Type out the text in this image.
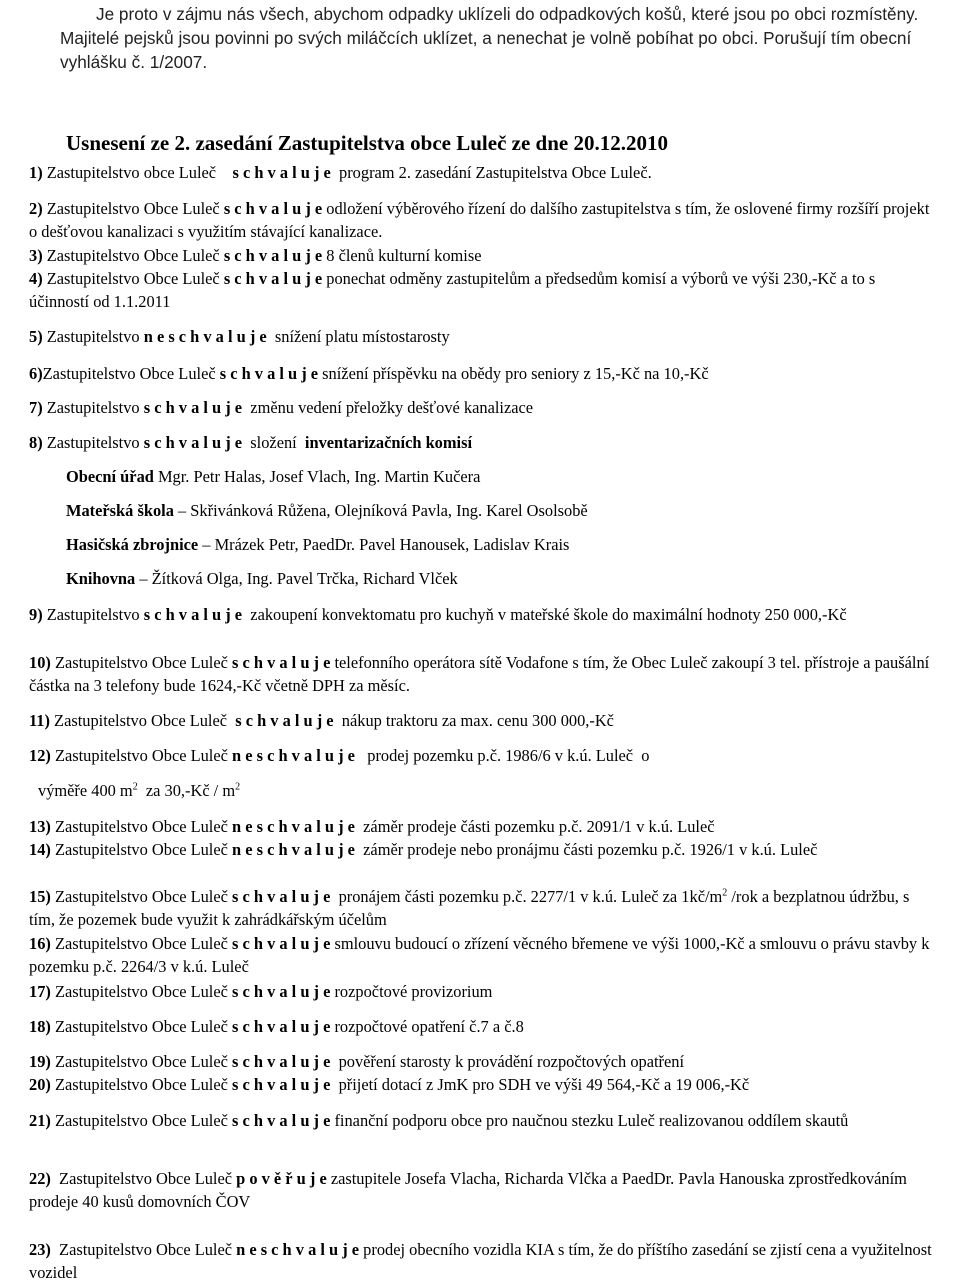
Je proto v zájmu nás všech, abychom odpadky uklízeli do odpadkových košů, které jsou po obci rozmístěny. Majitelé pejsků jsou povinni po svých miláčcích uklízet, a nenechat je volně pobíhat po obci. Porušují tím obecní vyhlášku č. 1/2007.
Usnesení ze 2. zasedání Zastupitelstva obce Luleč ze dne 20.12.2010
1) Zastupitelstvo obce Luleč    s c h v a l u j e  program 2. zasedání Zastupitelstva Obce Luleč.
2) Zastupitelstvo Obce Luleč s c h v a l u j e odložení výběrového řízení do dalšího zastupitelstva s tím, že oslovené firmy rozšíří projekt o dešťovou kanalizaci s využitím stávající kanalizace.
3) Zastupitelstvo Obce Luleč s c h v a l u j e 8 členů kulturní komise
4) Zastupitelstvo Obce Luleč s c h v a l u j e ponechat odměny zastupitelům a předsedům komisí a výborů ve výši 230,-Kč a to s účinností od 1.1.2011
5) Zastupitelstvo n e s c h v a l u j e  snížení platu místostarosty
6)Zastupitelstvo Obce Luleč s c h v a l u j e snížení příspěvku na obědy pro seniory z 15,-Kč na 10,-Kč
7) Zastupitelstvo s c h v a l u j e  změnu vedení přeložky dešťové kanalizace
8) Zastupitelstvo s c h v a l u j e  složení  inventarizačních komisí
Obecní úřad Mgr. Petr Halas, Josef Vlach, Ing. Martin Kučera
Mateřská škola – Skřivánková Růžena, Olejníková Pavla, Ing. Karel Osolsobě
Hasičská zbrojnice – Mrázek Petr, PaedDr. Pavel Hanousek, Ladislav Krais
Knihovna – Žítková Olga, Ing. Pavel Trčka, Richard Vlček
9) Zastupitelstvo s c h v a l u j e  zakoupení konvektomatu pro kuchyň v mateřské škole do maximální hodnoty 250 000,-Kč
10) Zastupitelstvo Obce Luleč s c h v a l u j e telefonního operátora sítě Vodafone s tím, že Obec Luleč zakoupí 3 tel. přístroje a paušální částka na 3 telefony bude 1624,-Kč včetně DPH za měsíc.
11) Zastupitelstvo Obce Luleč  s c h v a l u j e  nákup traktoru za max. cenu 300 000,-Kč
12) Zastupitelstvo Obce Luleč n e s c h v a l u j e   prodej pozemku p.č. 1986/6 v k.ú. Luleč  o
výměře 400 $m^2$  za 30,-Kč / $m^2$
13) Zastupitelstvo Obce Luleč n e s c h v a l u j e  záměr prodeje části pozemku p.č. 2091/1 v k.ú. Luleč
14) Zastupitelstvo Obce Luleč n e s c h v a l u j e  záměr prodeje nebo pronájmu části pozemku p.č. 1926/1 v k.ú. Luleč
15) Zastupitelstvo Obce Luleč s c h v a l u j e  pronájem části pozemku p.č. 2277/1 v k.ú. Luleč za $1kč/m^2$ /rok a bezplatnou údržbu, s tím, že pozemek bude využit k zahrádkářským účelům
16) Zastupitelstvo Obce Luleč s c h v a l u j e smlouvu budoucí o zřízení věcného břemene ve výši 1000,-Kč a smlouvu o právu stavby k pozemku p.č. 2264/3 v k.ú. Luleč
17) Zastupitelstvo Obce Luleč s c h v a l u j e rozpočtové provizorium
18) Zastupitelstvo Obce Luleč s c h v a l u j e rozpočtové opatření č.7 a č.8
19) Zastupitelstvo Obce Luleč s c h v a l u j e  pověření starosty k provádění rozpočtových opatření
20) Zastupitelstvo Obce Luleč s c h v a l u j e  přijetí dotací z JmK pro SDH ve výši 49 564,-Kč a 19 006,-Kč
21) Zastupitelstvo Obce Luleč s c h v a l u j e finanční podporu obce pro naučnou stezku Luleč realizovanou oddílem skautů
22)  Zastupitelstvo Obce Luleč p o v ě ř u j e zastupitele Josefa Vlacha, Richarda Vlčka a PaedDr. Pavla Hanouska zprostředkováním prodeje 40 kusů domovních ČOV
23)  Zastupitelstvo Obce Luleč n e s c h v a l u j e prodej obecního vozidla KIA s tím, že do příštího zasedání se zjistí cena a využitelnost vozidel
